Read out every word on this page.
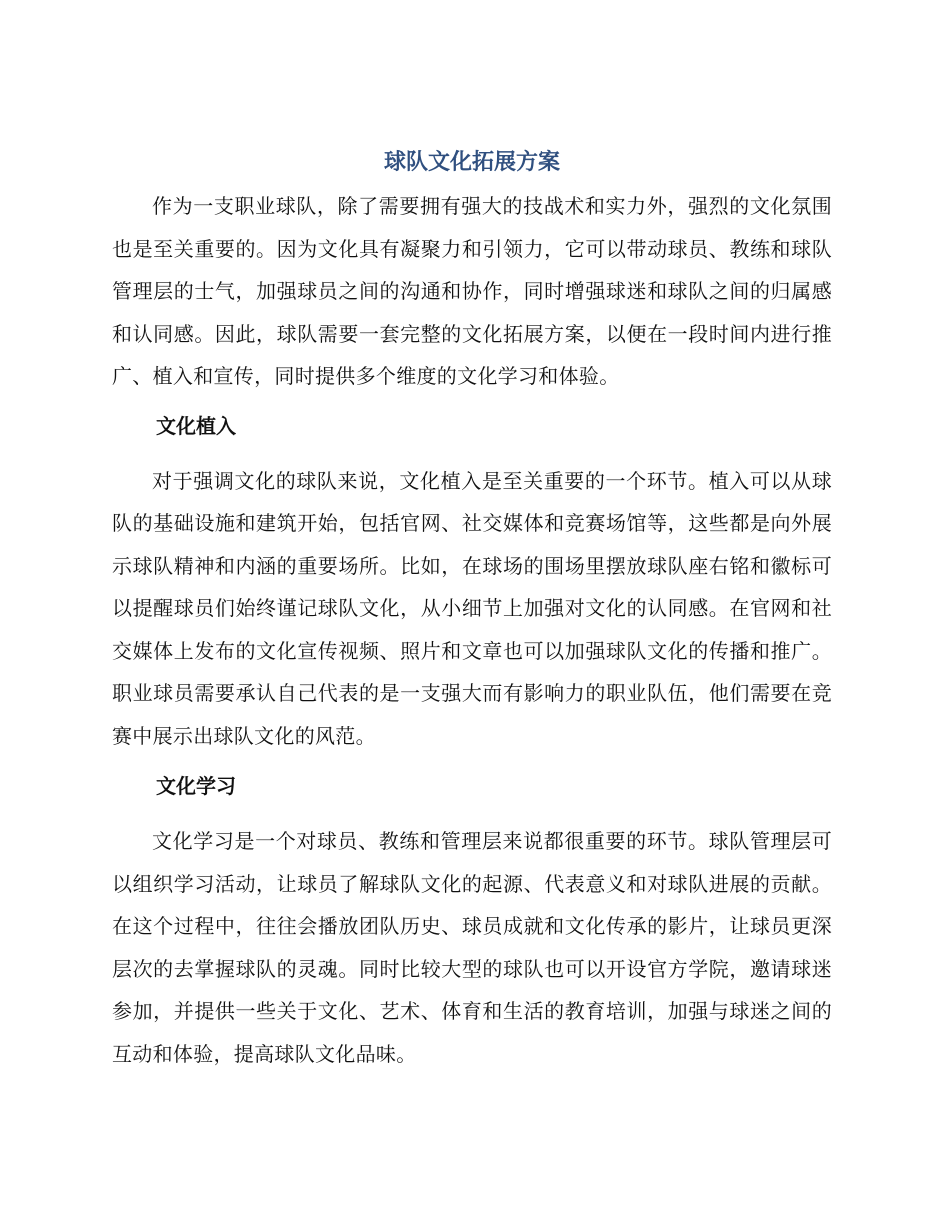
球队文化拓展方案

作为一支职业球队，除了需要拥有强大的技战术和实力外，强烈的文化氛围也是至关重要的。因为文化具有凝聚力和引领力，它可以带动球员、教练和球队管理层的士气，加强球员之间的沟通和协作，同时增强球迷和球队之间的归属感和认同感。因此，球队需要一套完整的文化拓展方案，以便在一段时间内进行推广、植入和宣传，同时提供多个维度的文化学习和体验。

文化植入

对于强调文化的球队来说，文化植入是至关重要的一个环节。植入可以从球队的基础设施和建筑开始，包括官网、社交媒体和竞赛场馆等，这些都是向外展示球队精神和内涵的重要场所。比如，在球场的围场里摆放球队座右铭和徽标可以提醒球员们始终谨记球队文化，从小细节上加强对文化的认同感。在官网和社交媒体上发布的文化宣传视频、照片和文章也可以加强球队文化的传播和推广。职业球员需要承认自己代表的是一支强大而有影响力的职业队伍，他们需要在竞赛中展示出球队文化的风范。

文化学习

文化学习是一个对球员、教练和管理层来说都很重要的环节。球队管理层可以组织学习活动，让球员了解球队文化的起源、代表意义和对球队进展的贡献。在这个过程中，往往会播放团队历史、球员成就和文化传承的影片，让球员更深层次的去掌握球队的灵魂。同时比较大型的球队也可以开设官方学院，邀请球迷参加，并提供一些关于文化、艺术、体育和生活的教育培训，加强与球迷之间的互动和体验，提高球队文化品味。
